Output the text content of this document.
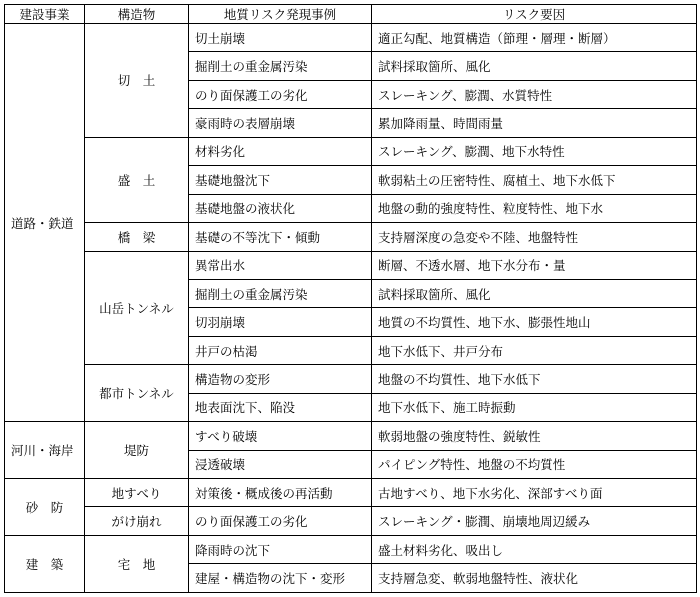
建設事業	構造物	地質リスク発現事例	リスク要因
道路・鉄道	切　土	切土崩壊	適正勾配、地質構造（節理・層理・断層）
		掘削土の重金属汚染	試料採取箇所、風化
		のり面保護工の劣化	スレーキング、膨潤、水質特性
		豪雨時の表層崩壊	累加降雨量、時間雨量
	盛　土	材料劣化	スレーキング、膨潤、地下水特性
		基礎地盤沈下	軟弱粘土の圧密特性、腐植土、地下水低下
		基礎地盤の液状化	地盤の動的強度特性、粒度特性、地下水
	橋　梁	基礎の不等沈下・傾動	支持層深度の急変や不陸、地盤特性
	山岳トンネル	異常出水	断層、不透水層、地下水分布・量
		掘削土の重金属汚染	試料採取箇所、風化
		切羽崩壊	地質の不均質性、地下水、膨張性地山
		井戸の枯渇	地下水低下、井戸分布
	都市トンネル	構造物の変形	地盤の不均質性、地下水低下
		地表面沈下、陥没	地下水低下、施工時振動
河川・海岸	堤防	すべり破壊	軟弱地盤の強度特性、鋭敏性
		浸透破壊	パイピング特性、地盤の不均質性
砂　防	地すべり	対策後・概成後の再活動	古地すべり、地下水劣化、深部すべり面
	がけ崩れ	のり面保護工の劣化	スレーキング・膨潤、崩壊地周辺緩み
建　築	宅　地	降雨時の沈下	盛土材料劣化、吸出し
		建屋・構造物の沈下・変形	支持層急変、軟弱地盤特性、液状化
